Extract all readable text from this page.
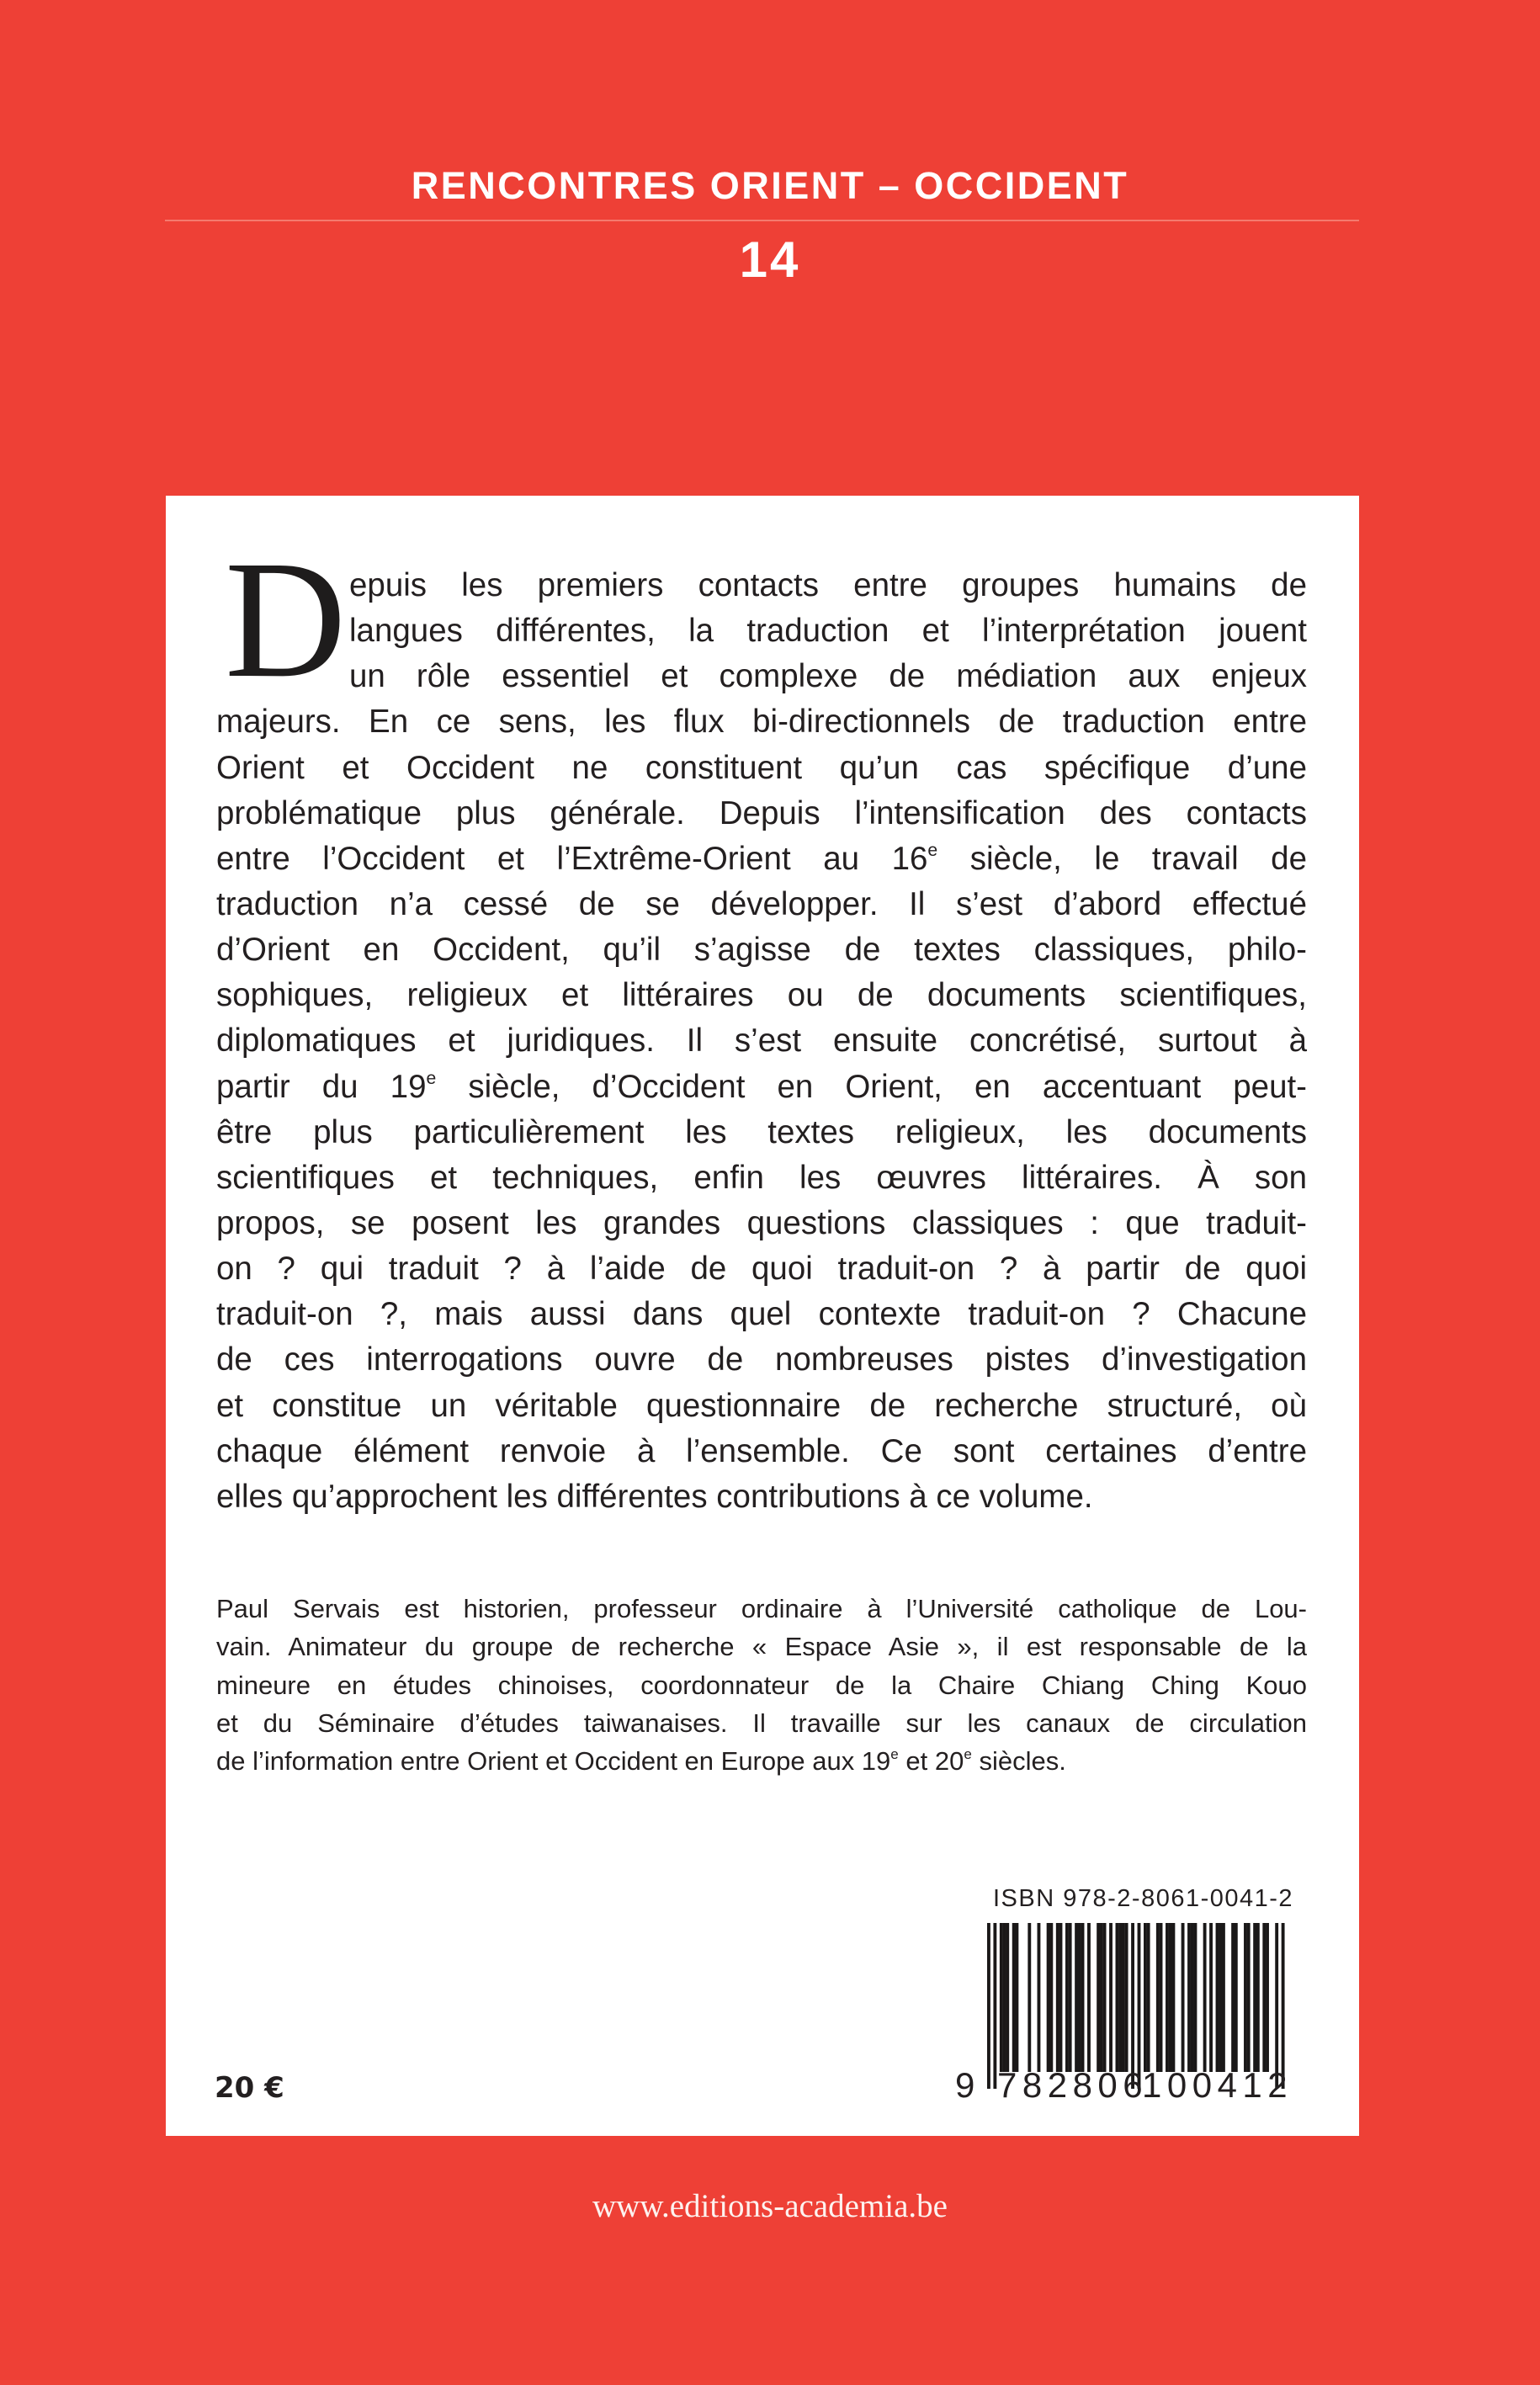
RENCONTRES ORIENT – OCCIDENT
14
D epuis les premiers contacts entre groupes humains de
langues différentes, la traduction et l’interprétation jouent
un rôle essentiel et complexe de médiation aux enjeux
majeurs. En ce sens, les flux bi-directionnels de traduction entre
Orient et Occident ne constituent qu’un cas spécifique d’une
problématique plus générale. Depuis l’intensification des contacts
entre l’Occident et l’Extrême-Orient au 16e siècle, le travail de
traduction n’a cessé de se développer. Il s’est d’abord effectué
d’Orient en Occident, qu’il s’agisse de textes classiques, philo-
sophiques, religieux et littéraires ou de documents scientifiques,
diplomatiques et juridiques. Il s’est ensuite concrétisé, surtout à
partir du 19e siècle, d’Occident en Orient, en accentuant peut-
être plus particulièrement les textes religieux, les documents
scientifiques et techniques, enfin les œuvres littéraires. À son
propos, se posent les grandes questions classiques : que traduit-
on ? qui traduit ? à l’aide de quoi traduit-on ? à partir de quoi
traduit-on ?, mais aussi dans quel contexte traduit-on ? Chacune
de ces interrogations ouvre de nombreuses pistes d’investigation
et constitue un véritable questionnaire de recherche structuré, où
chaque élément renvoie à l’ensemble. Ce sont certaines d’entre
elles qu’approchent les différentes contributions à ce volume.
Paul Servais est historien, professeur ordinaire à l’Université catholique de Lou-
vain. Animateur du groupe de recherche « Espace Asie », il est responsable de la
mineure en études chinoises, coordonnateur de la Chaire Chiang Ching Kouo
et du Séminaire d’études taiwanaises. Il travaille sur les canaux de circulation
de l’information entre Orient et Occident en Europe aux 19e et 20e siècles.
ISBN 978-2-8061-0041-2
9 782806
100412
20 €
www.editions-academia.be
